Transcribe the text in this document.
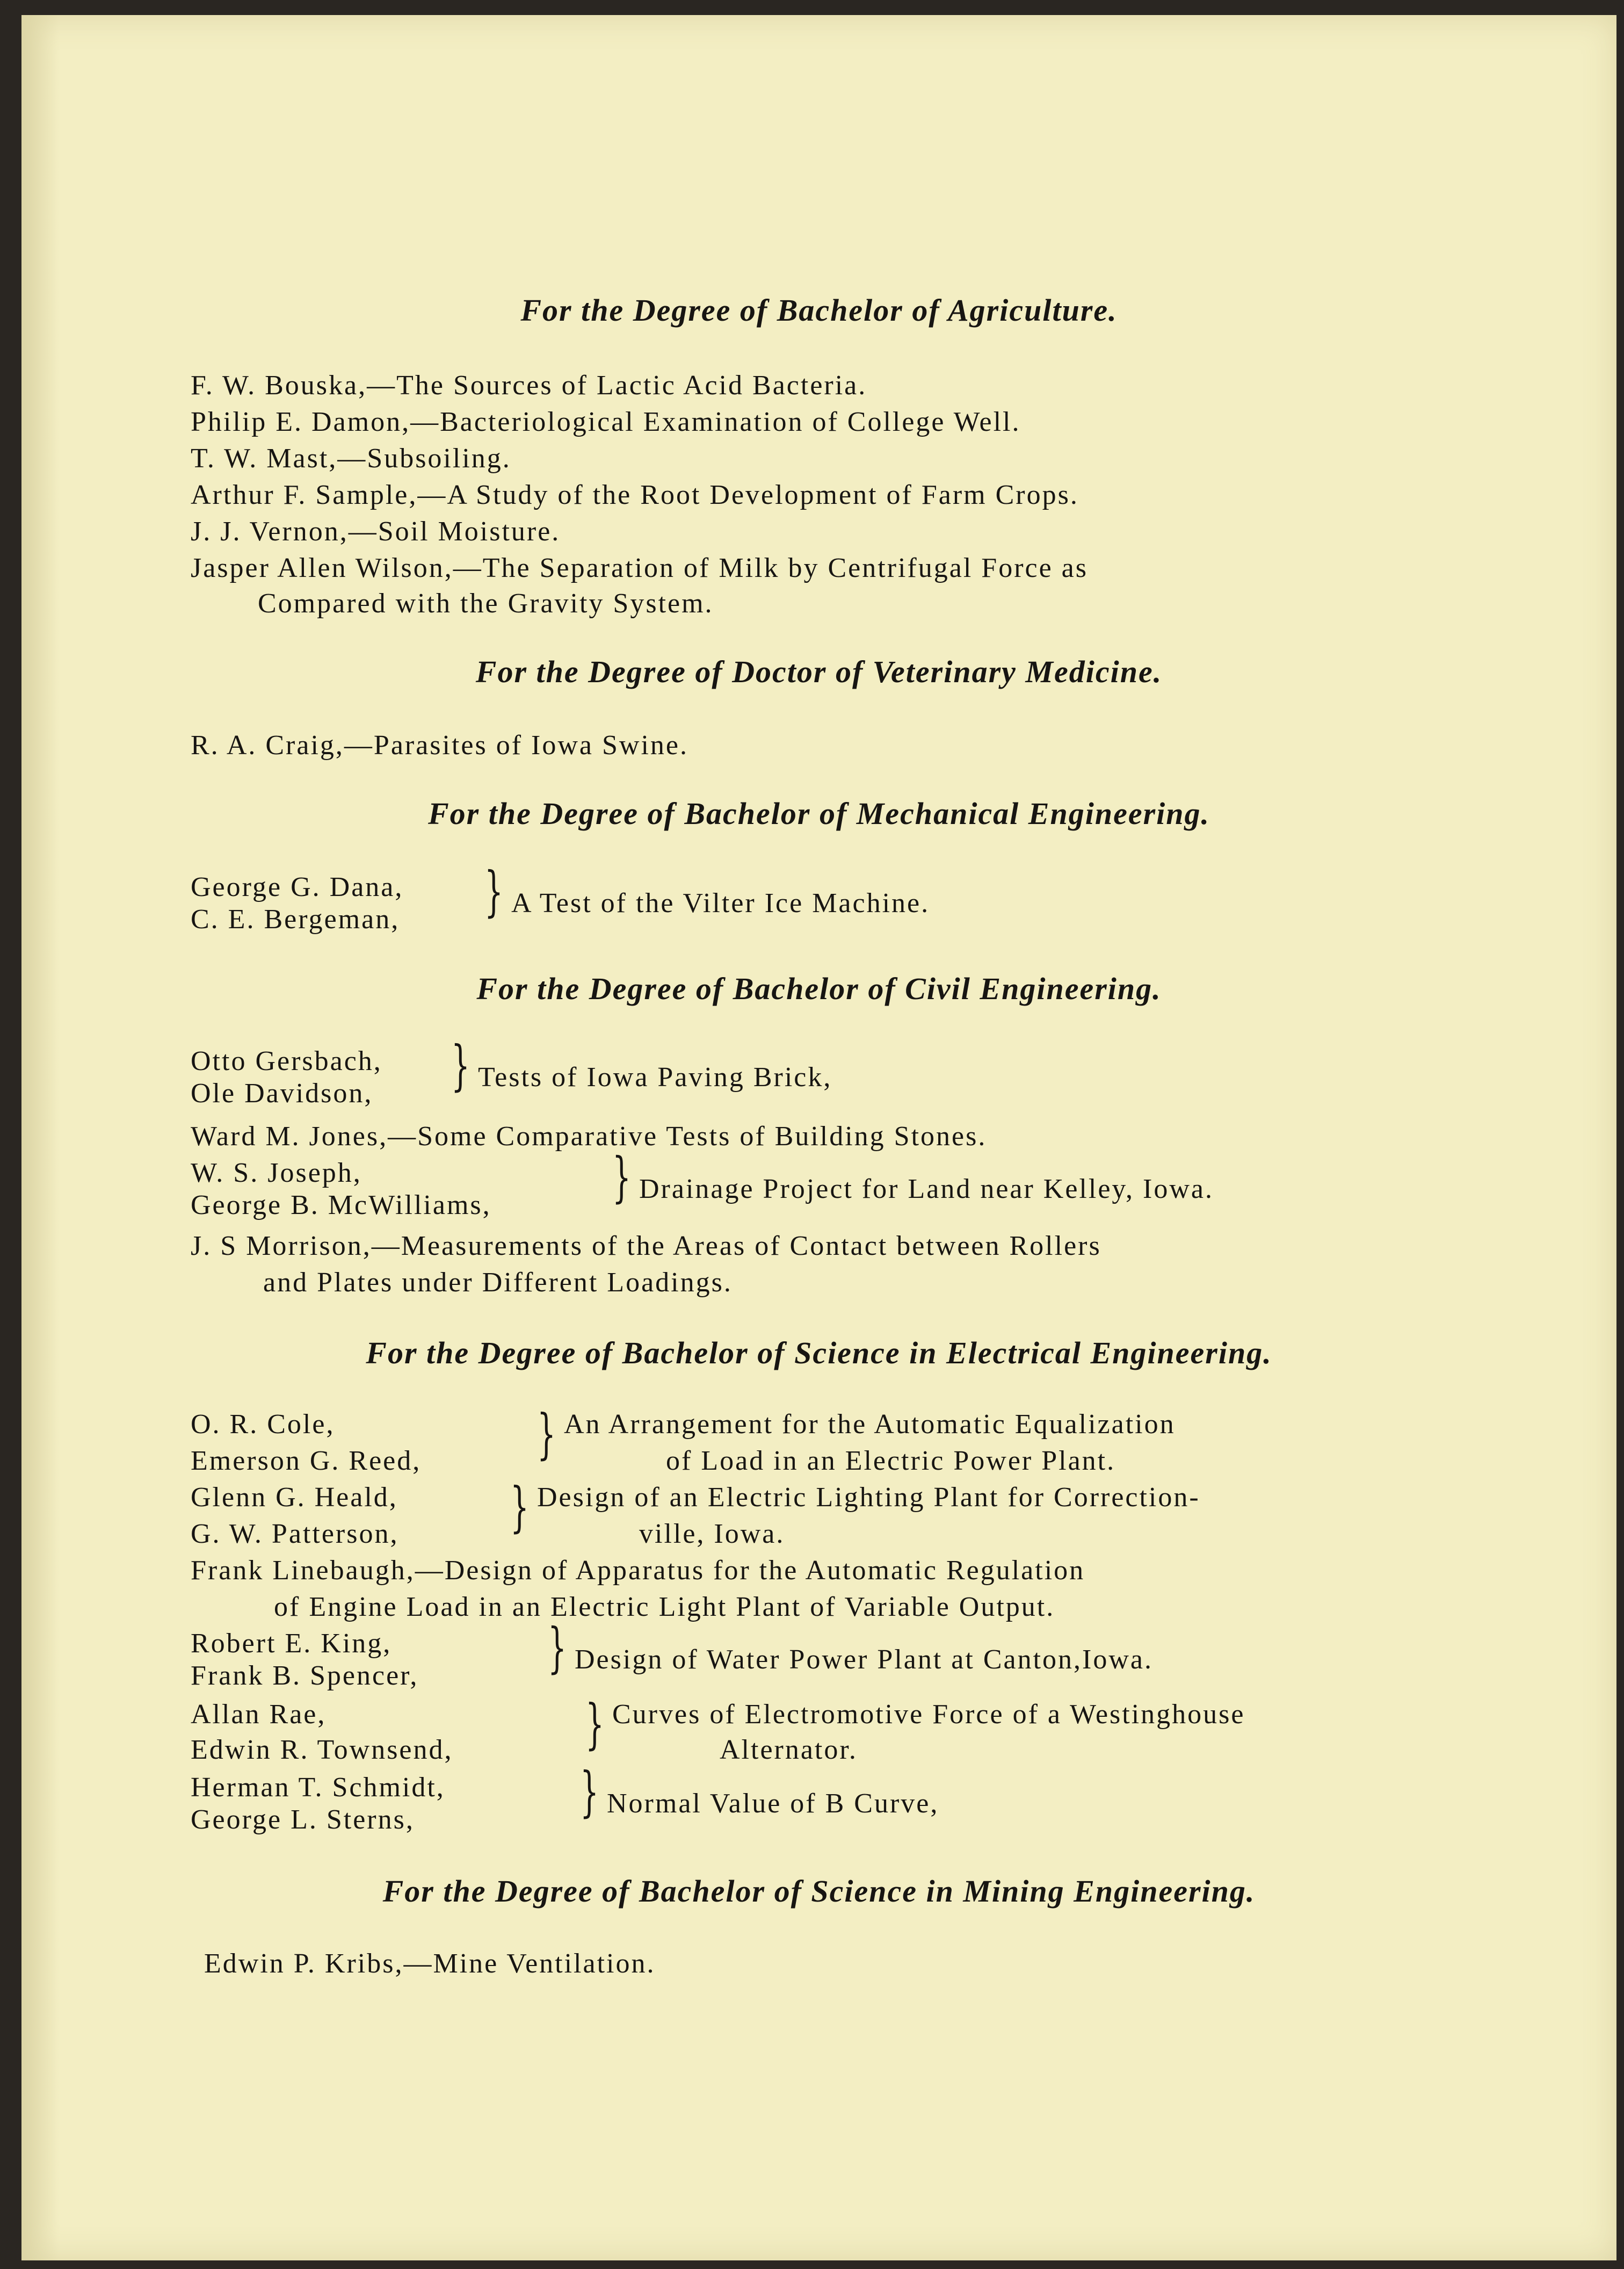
For the Degree of Bachelor of Agriculture.
F. W. Bouska,—The Sources of Lactic Acid Bacteria.
Philip E. Damon,—Bacteriological Examination of College Well.
T. W. Mast,—Subsoiling.
Arthur F. Sample,—A Study of the Root Development of Farm Crops.
J. J. Vernon,—Soil Moisture.
Jasper Allen Wilson,—The Separation of Milk by Centrifugal Force as
Compared with the Gravity System.
For the Degree of Doctor of Veterinary Medicine.
R. A. Craig,—Parasites of Iowa Swine.
For the Degree of Bachelor of Mechanical Engineering.
George G. Dana,
C. E. Bergeman, } A Test of the Vilter Ice Machine.
For the Degree of Bachelor of Civil Engineering.
Otto Gersbach,
Ole Davidson, } Tests of Iowa Paving Brick,
Ward M. Jones,—Some Comparative Tests of Building Stones.
W. S. Joseph,
George B. McWilliams, } Drainage Project for Land near Kelley, Iowa.
J. S Morrison,—Measurements of the Areas of Contact between Rollers
and Plates under Different Loadings.
For the Degree of Bachelor of Science in Electrical Engineering.
O. R. Cole,
Emerson G. Reed, } An Arrangement for the Automatic Equalization
of Load in an Electric Power Plant.
Glenn G. Heald,
G. W. Patterson, } Design of an Electric Lighting Plant for Correction-
ville, Iowa.
Frank Linebaugh,—Design of Apparatus for the Automatic Regulation
of Engine Load in an Electric Light Plant of Variable Output.
Robert E. King,
Frank B. Spencer, } Design of Water Power Plant at Canton,Iowa.
Allan Rae,
Edwin R. Townsend, } Curves of Electromotive Force of a Westinghouse
Alternator.
Herman T. Schmidt,
George L. Sterns,	} Normal Value of B Curve,
For the Degree of Bachelor of Science in Mining Engineering.
Edwin P. Kribs,—Mine Ventilation.
